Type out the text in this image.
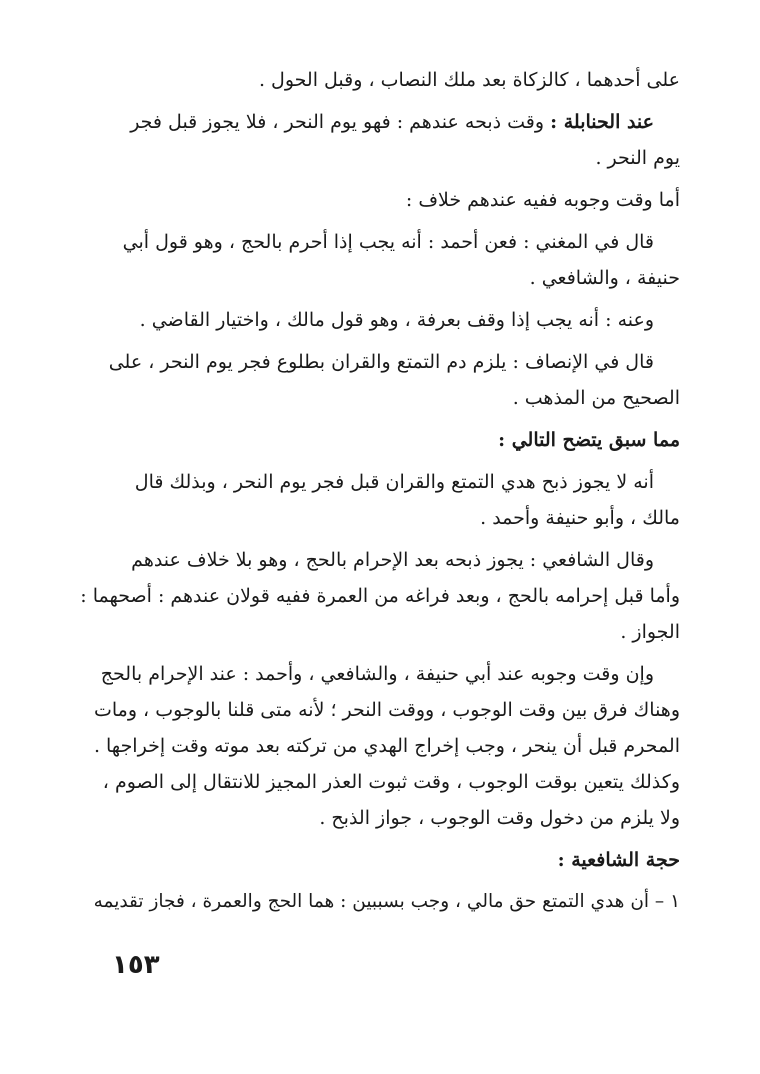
على أحدهما ، كالزكاة بعد ملك النصاب ، وقبل الحول .
عند الحنابلة : وقت ذبحه عندهم : فهو يوم النحر ، فلا يجوز قبل فجر
يوم النحر .
أما وقت وجوبه ففيه عندهم خلاف :
قال في المغني : فعن أحمد : أنه يجب إذا أحرم بالحج ، وهو قول أبي
حنيفة ، والشافعي .
وعنه : أنه يجب إذا وقف بعرفة ، وهو قول مالك ، واختيار القاضي .
قال في الإنصاف : يلزم دم التمتع والقران بطلوع فجر يوم النحر ، على
الصحيح من المذهب .
مما سبق يتضح التالي :
أنه لا يجوز ذبح هدي التمتع والقران قبل فجر يوم النحر ، وبذلك قال
مالك ، وأبو حنيفة وأحمد .
وقال الشافعي : يجوز ذبحه بعد الإحرام بالحج ، وهو بلا خلاف عندهم
وأما قبل إحرامه بالحج ، وبعد فراغه من العمرة ففيه قولان عندهم : أصحهما :
الجواز .
وإن وقت وجوبه عند أبي حنيفة ، والشافعي ، وأحمد : عند الإحرام بالحج
وهناك فرق بين وقت الوجوب ، ووقت النحر ؛ لأنه متى قلنا بالوجوب ، ومات
المحرم قبل أن ينحر ، وجب إخراج الهدي من تركته بعد موته وقت إخراجها .
وكذلك يتعين بوقت الوجوب ، وقت ثبوت العذر المجيز للانتقال إلى الصوم ،
ولا يلزم من دخول وقت الوجوب ، جواز الذبح .
حجة الشافعية :
١ – أن هدي التمتع حق مالي ، وجب بسببين : هما الحج والعمرة ، فجاز تقديمه
١٥٣
